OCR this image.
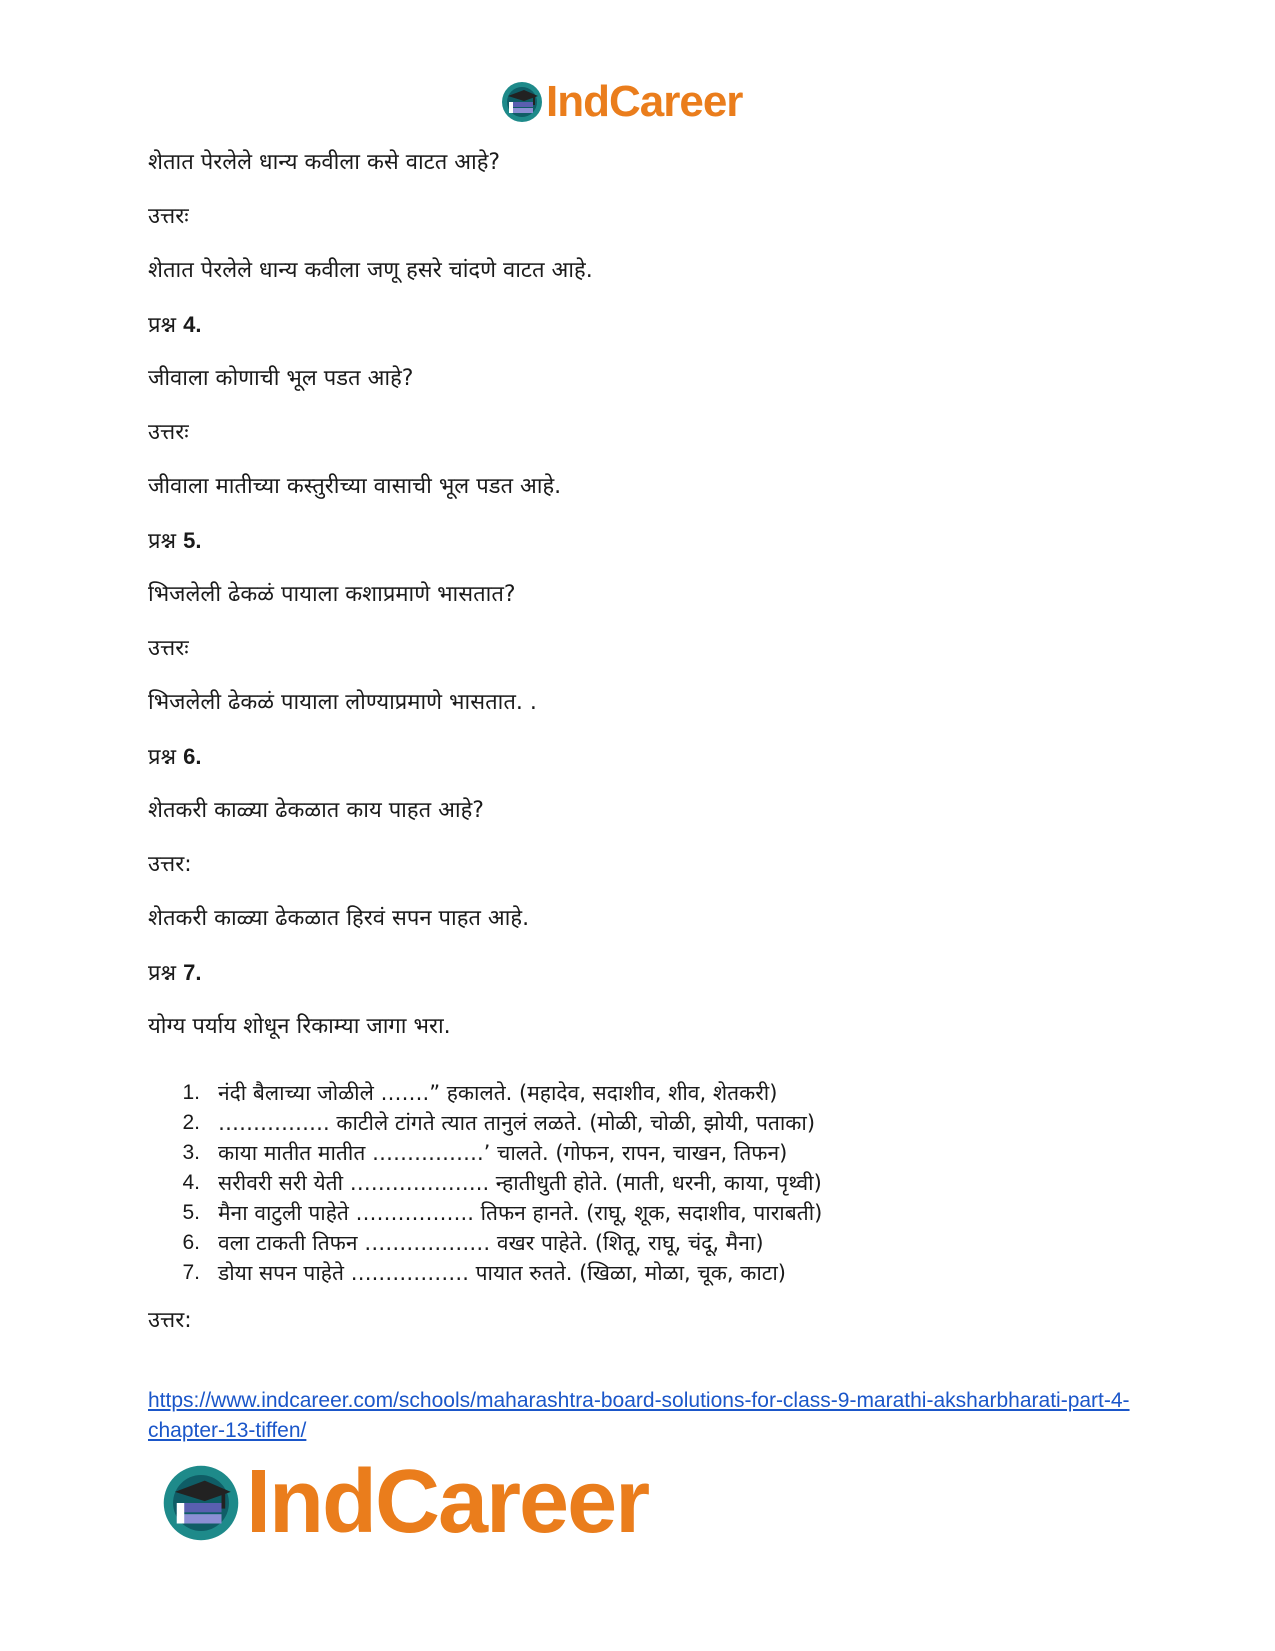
IndCareer
शेतात पेरलेले धान्य कवीला कसे वाटत आहे?
उत्तरः
शेतात पेरलेले धान्य कवीला जणू हसरे चांदणे वाटत आहे.
प्रश्न 4.
जीवाला कोणाची भूल पडत आहे?
उत्तरः
जीवाला मातीच्या कस्तुरीच्या वासाची भूल पडत आहे.
प्रश्न 5.
भिजलेली ढेकळं पायाला कशाप्रमाणे भासतात?
उत्तरः
भिजलेली ढेकळं पायाला लोण्याप्रमाणे भासतात. .
प्रश्न 6.
शेतकरी काळ्या ढेकळात काय पाहत आहे?
उत्तर:
शेतकरी काळ्या ढेकळात हिरवं सपन पाहत आहे.
प्रश्न 7.
योग्य पर्याय शोधून रिकाम्या जागा भरा.
1. नंदी बैलाच्या जोळीले …….” हकालते. (महादेव, सदाशीव, शीव, शेतकरी)
2. ……………. काटीले टांगते त्यात तानुलं लळते. (मोळी, चोळी, झोयी, पताका)
3. काया मातीत मातीत …………….’ चालते. (गोफन, रापन, चाखन, तिफन)
4. सरीवरी सरी येती ……………….. न्हातीधुती होते. (माती, धरनी, काया, पृथ्वी)
5. मैना वाटुली पाहेते …………….. तिफन हानते. (राघू, शूक, सदाशीव, पाराबती)
6. वला टाकती तिफन ……………… वखर पाहेते. (शितू, राघू, चंदू, मैना)
7. डोया सपन पाहेते ….…………. पायात रुतते. (खिळा, मोळा, चूक, काटा)
उत्तर:
https://www.indcareer.com/schools/maharashtra-board-solutions-for-class-9-marathi-aksharbharati-part-4-chapter-13-tiffen/
IndCareer
